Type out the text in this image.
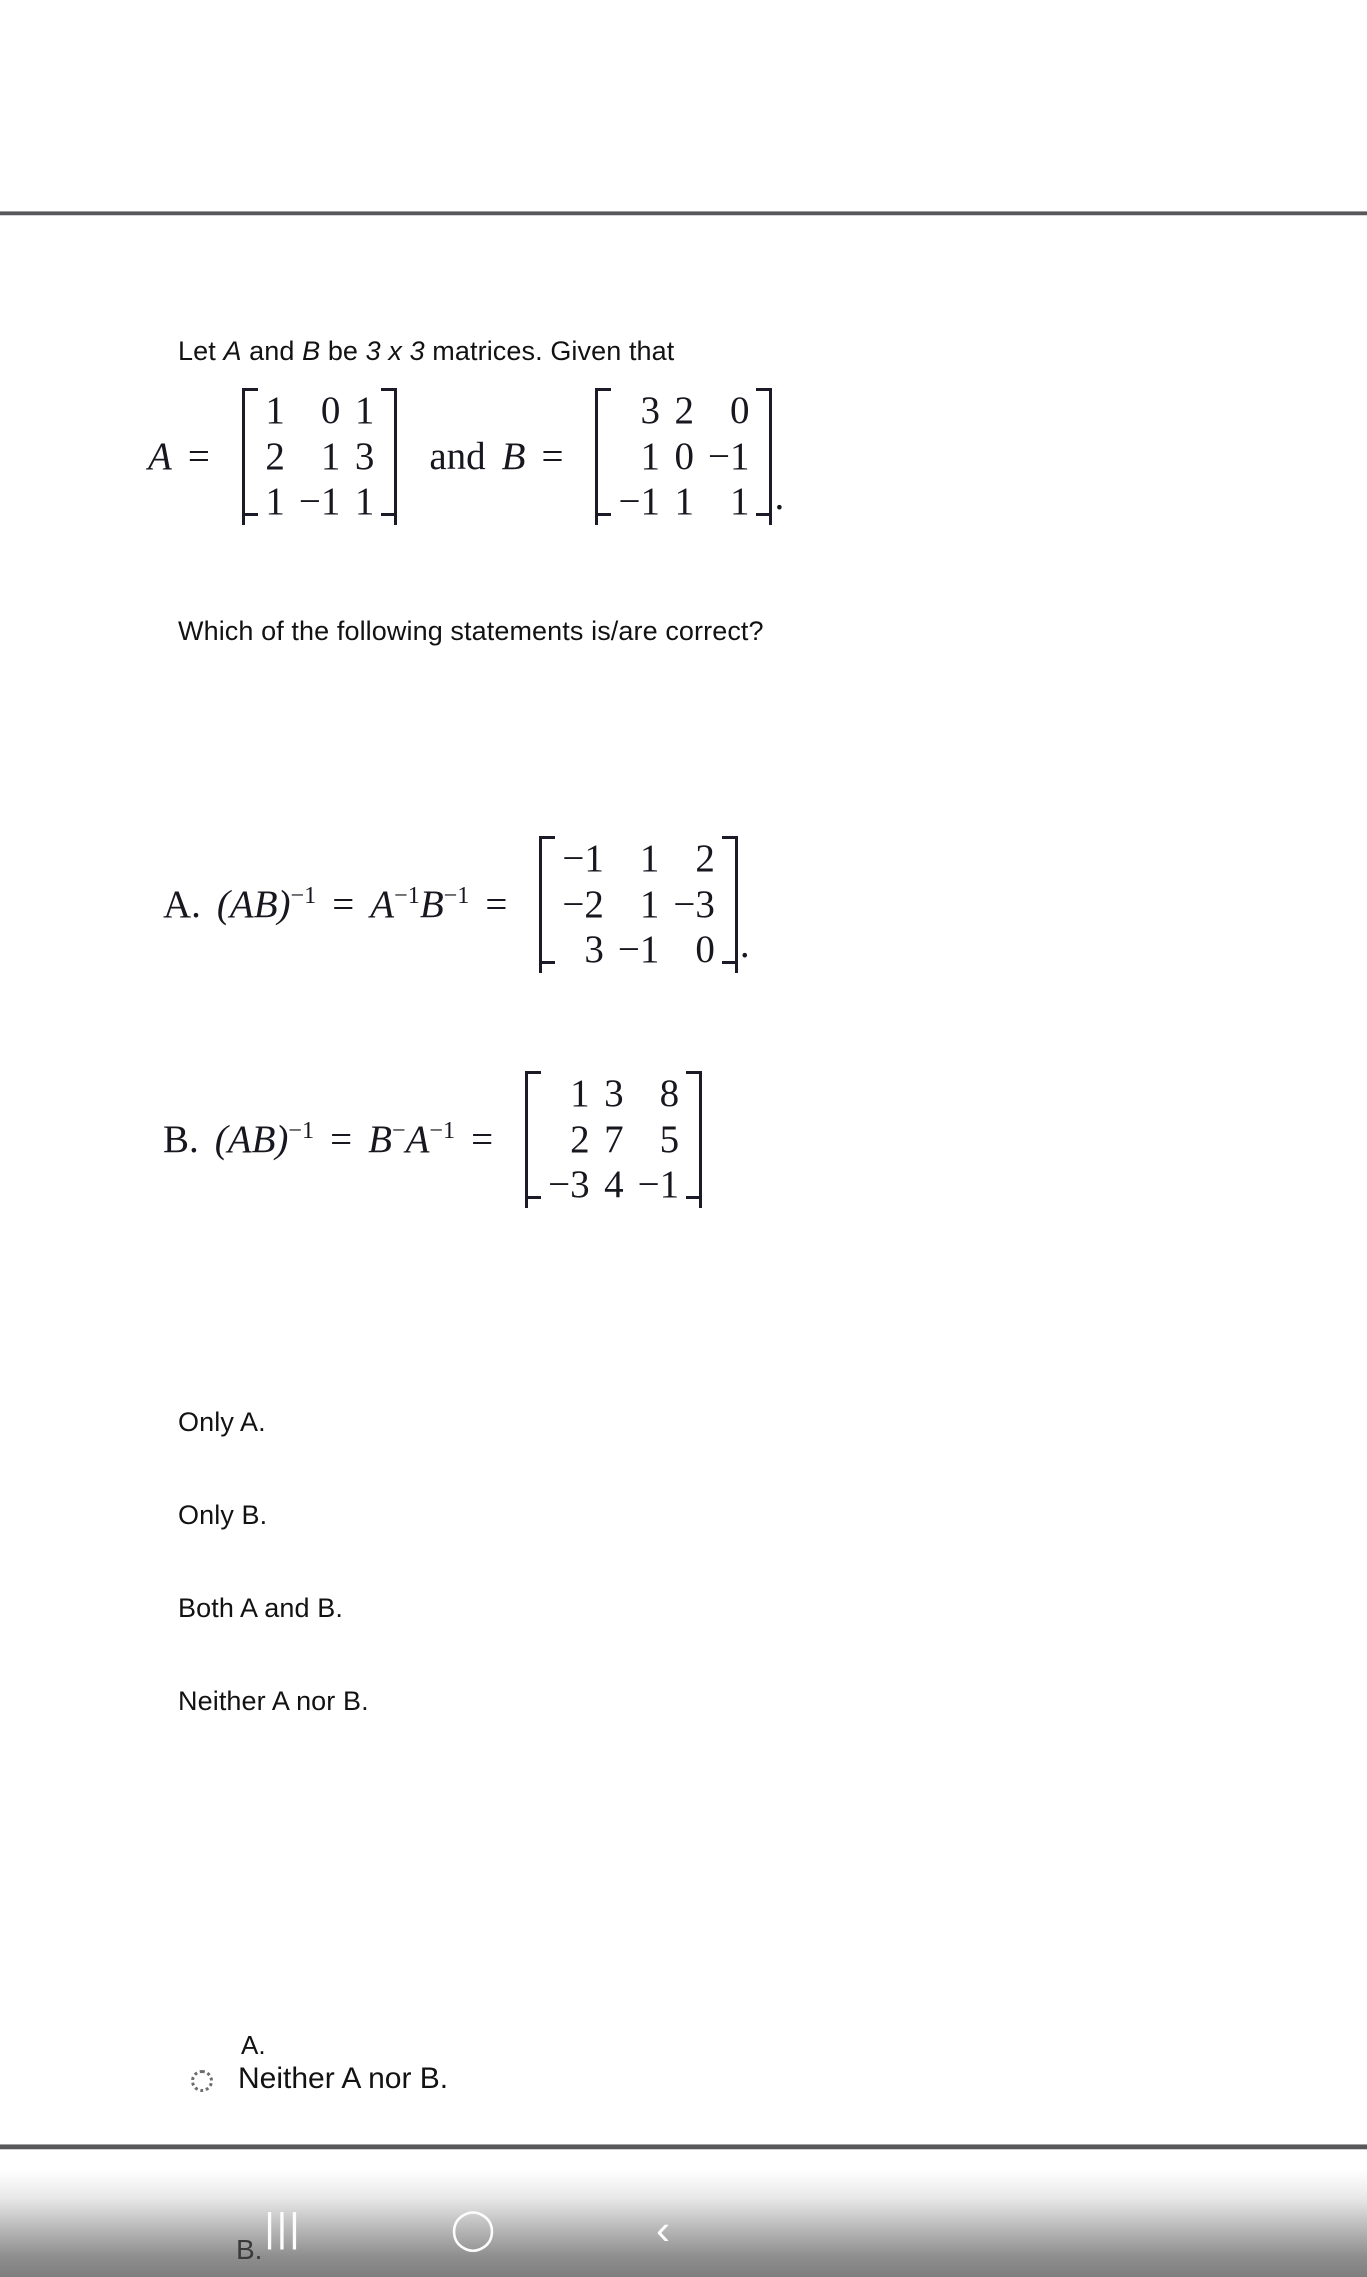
Let A and B be 3 x 3 matrices. Given that
A =
1 0 1
2 1 3
1 −1 1
and B =
3 2 0
1 0 −1
−1 1 1 .
Which of the following statements is/are correct?
A. $(AB)^{-1} = A^{-1}B^{-1}$ =
−1 1 2
−2 1 −3
3 −1 0 .
B. $(AB)^{-1} = B^-A^{-1}$ =
1 3 8
2 7 5
−3 4 −1
Only A.
Only B.
Both A and B.
Neither A nor B.
A.
Neither A nor B.
B. |||	◯	‹
